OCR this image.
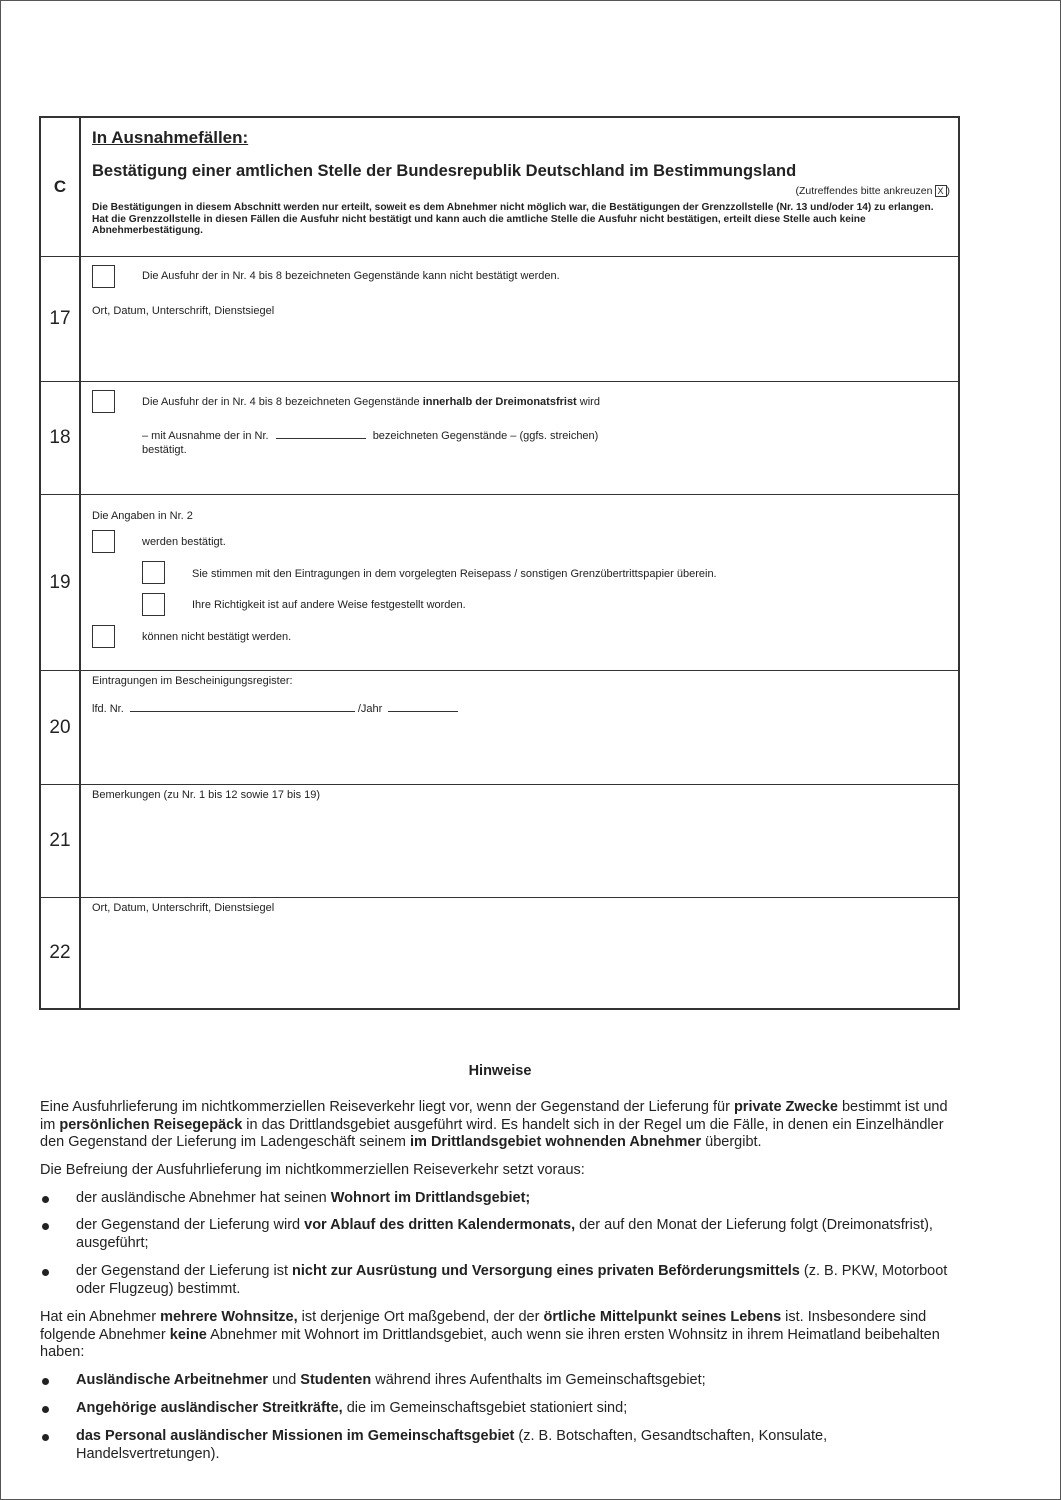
C
In Ausnahmefällen:
Bestätigung einer amtlichen Stelle der Bundesrepublik Deutschland im Bestimmungsland
(Zutreffendes bitte ankreuzen X )
Die Bestätigungen in diesem Abschnitt werden nur erteilt, soweit es dem Abnehmer nicht möglich war, die Bestätigungen der Grenzzollstelle (Nr. 13 und/oder 14) zu erlangen. Hat die Grenzzollstelle in diesen Fällen die Ausfuhr nicht bestätigt und kann auch die amtliche Stelle die Ausfuhr nicht bestätigen, erteilt diese Stelle auch keine Abnehmerbestätigung.
17
Die Ausfuhr der in Nr. 4 bis 8 bezeichneten Gegenstände kann nicht bestätigt werden.
Ort, Datum, Unterschrift, Dienstsiegel
18
Die Ausfuhr der in Nr. 4 bis 8 bezeichneten Gegenstände innerhalb der Dreimonatsfrist wird
– mit Ausnahme der in Nr.	bezeichneten Gegenstände – (ggfs. streichen)
bestätigt.
19
Die Angaben in Nr. 2
werden bestätigt.
Sie stimmen mit den Eintragungen in dem vorgelegten Reisepass / sonstigen Grenzübertrittspapier überein.
Ihre Richtigkeit ist auf andere Weise festgestellt worden.
können nicht bestätigt werden.
20
Eintragungen im Bescheinigungsregister:
lfd. Nr.	/Jahr
21
Bemerkungen (zu Nr. 1 bis 12 sowie 17 bis 19)
22
Ort, Datum, Unterschrift, Dienstsiegel
Hinweise
Eine Ausfuhrlieferung im nichtkommerziellen Reiseverkehr liegt vor, wenn der Gegenstand der Lieferung für private Zwecke bestimmt ist und im persönlichen Reisegepäck in das Drittlandsgebiet ausgeführt wird. Es handelt sich in der Regel um die Fälle, in denen ein Einzelhändler den Gegenstand der Lieferung im Ladengeschäft seinem im Drittlandsgebiet wohnenden Abnehmer übergibt.
Die Befreiung der Ausfuhrlieferung im nichtkommerziellen Reiseverkehr setzt voraus:
der ausländische Abnehmer hat seinen Wohnort im Drittlandsgebiet;
der Gegenstand der Lieferung wird vor Ablauf des dritten Kalendermonats, der auf den Monat der Lieferung folgt (Dreimonatsfrist), ausgeführt;
der Gegenstand der Lieferung ist nicht zur Ausrüstung und Versorgung eines privaten Beförderungsmittels (z. B. PKW, Motorboot oder Flugzeug) bestimmt.
Hat ein Abnehmer mehrere Wohnsitze, ist derjenige Ort maßgebend, der der örtliche Mittelpunkt seines Lebens ist. Insbesondere sind folgende Abnehmer keine Abnehmer mit Wohnort im Drittlandsgebiet, auch wenn sie ihren ersten Wohnsitz in ihrem Heimatland beibehalten haben:
Ausländische Arbeitnehmer und Studenten während ihres Aufenthalts im Gemeinschaftsgebiet;
Angehörige ausländischer Streitkräfte, die im Gemeinschaftsgebiet stationiert sind;
das Personal ausländischer Missionen im Gemeinschaftsgebiet (z. B. Botschaften, Gesandtschaften, Konsulate, Handelsvertretungen).
